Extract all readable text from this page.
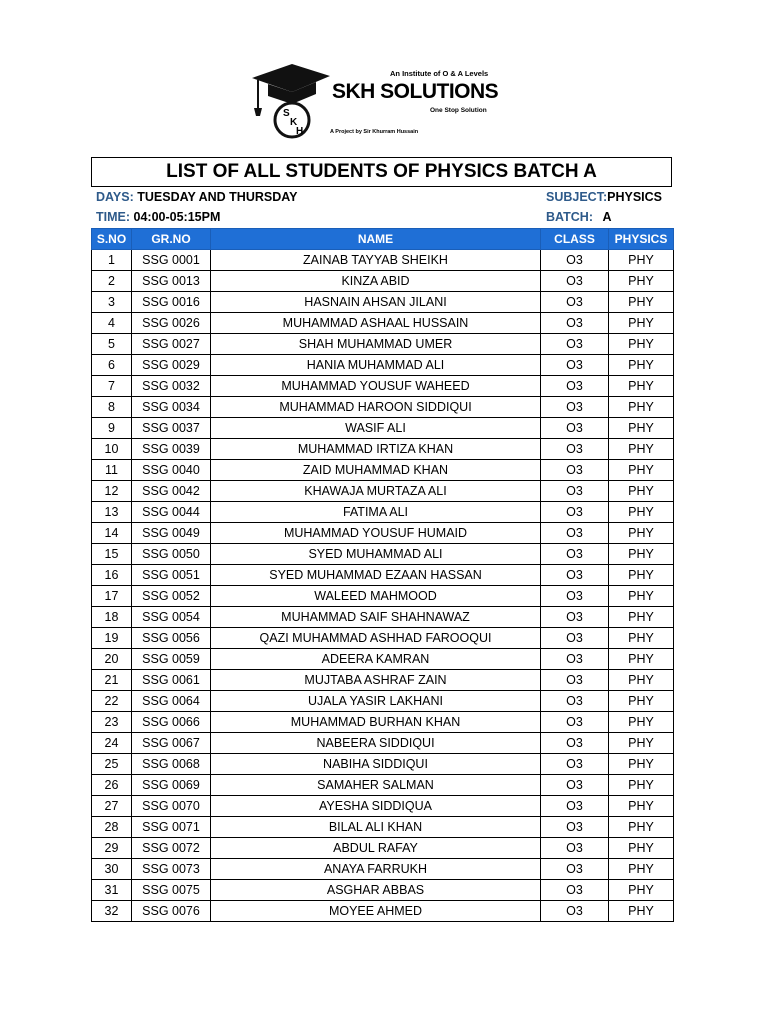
S
K
H
An Institute of O & A Levels
SKH SOLUTIONS
One Stop Solution
A Project by Sir Khurram Hussain
LIST OF ALL STUDENTS OF PHYSICS BATCH A
DAYS: TUESDAY AND THURSDAY
TIME: 04:00-05:15PM
SUBJECT:PHYSICS
BATCH: A
S.NO	GR.NO	NAME	CLASS	PHYSICS
1	SSG 0001	ZAINAB TAYYAB SHEIKH	O3	PHY
2	SSG 0013	KINZA ABID	O3	PHY
3	SSG 0016	HASNAIN AHSAN JILANI	O3	PHY
4	SSG 0026	MUHAMMAD ASHAAL HUSSAIN	O3	PHY
5	SSG 0027	SHAH MUHAMMAD UMER	O3	PHY
6	SSG 0029	HANIA MUHAMMAD ALI	O3	PHY
7	SSG 0032	MUHAMMAD YOUSUF WAHEED	O3	PHY
8	SSG 0034	MUHAMMAD HAROON SIDDIQUI	O3	PHY
9	SSG 0037	WASIF ALI	O3	PHY
10	SSG 0039	MUHAMMAD IRTIZA KHAN	O3	PHY
11	SSG 0040	ZAID MUHAMMAD KHAN	O3	PHY
12	SSG 0042	KHAWAJA MURTAZA ALI	O3	PHY
13	SSG 0044	FATIMA ALI	O3	PHY
14	SSG 0049	MUHAMMAD YOUSUF HUMAID	O3	PHY
15	SSG 0050	SYED MUHAMMAD ALI	O3	PHY
16	SSG 0051	SYED MUHAMMAD EZAAN HASSAN	O3	PHY
17	SSG 0052	WALEED MAHMOOD	O3	PHY
18	SSG 0054	MUHAMMAD SAIF SHAHNAWAZ	O3	PHY
19	SSG 0056	QAZI MUHAMMAD ASHHAD FAROOQUI	O3	PHY
20	SSG 0059	ADEERA KAMRAN	O3	PHY
21	SSG 0061	MUJTABA ASHRAF ZAIN	O3	PHY
22	SSG 0064	UJALA YASIR LAKHANI	O3	PHY
23	SSG 0066	MUHAMMAD BURHAN KHAN	O3	PHY
24	SSG 0067	NABEERA SIDDIQUI	O3	PHY
25	SSG 0068	NABIHA SIDDIQUI	O3	PHY
26	SSG 0069	SAMAHER SALMAN	O3	PHY
27	SSG 0070	AYESHA SIDDIQUA	O3	PHY
28	SSG 0071	BILAL ALI KHAN	O3	PHY
29	SSG 0072	ABDUL RAFAY	O3	PHY
30	SSG 0073	ANAYA FARRUKH	O3	PHY
31	SSG 0075	ASGHAR ABBAS	O3	PHY
32	SSG 0076	MOYEE AHMED	O3	PHY
